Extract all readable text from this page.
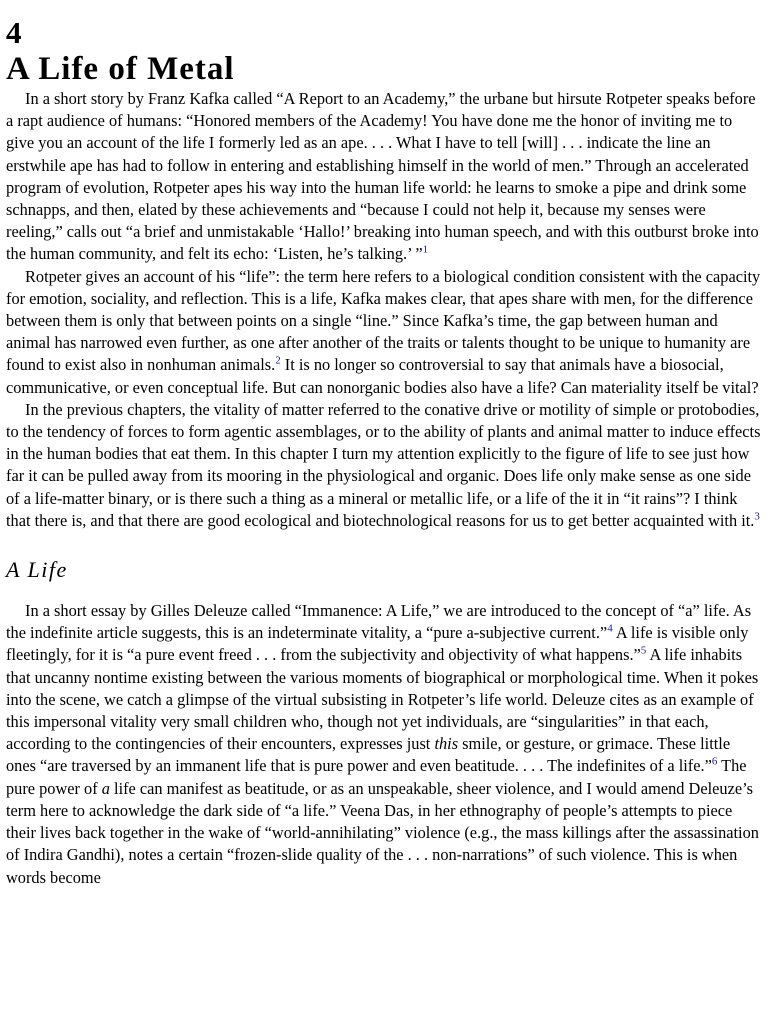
4
A Life of Metal

In a short story by Franz Kafka called “A Report to an Academy,” the urbane but hirsute Rotpeter speaks before a rapt audience of humans: “Honored members of the Academy! You have done me the honor of inviting me to give you an account of the life I formerly led as an ape. . . . What I have to tell [will] . . . indicate the line an erstwhile ape has had to follow in entering and establishing himself in the world of men.” Through an accelerated program of evolution, Rotpeter apes his way into the human life world: he learns to smoke a pipe and drink some schnapps, and then, elated by these achievements and “because I could not help it, because my senses were reeling,” calls out “a brief and unmistakable ‘Hallo!’ breaking into human speech, and with this outburst broke into the human community, and felt its echo: ‘Listen, he’s talking.’ ”$^1$

Rotpeter gives an account of his “life”: the term here refers to a biological condition consistent with the capacity for emotion, sociality, and reflection. This is a life, Kafka makes clear, that apes share with men, for the difference between them is only that between points on a single “line.” Since Kafka’s time, the gap between human and animal has narrowed even further, as one after another of the traits or talents thought to be unique to humanity are found to exist also in nonhuman animals.$^2$ It is no longer so controversial to say that animals have a biosocial, communicative, or even conceptual life. But can nonorganic bodies also have a life? Can materiality itself be vital?

In the previous chapters, the vitality of matter referred to the conative drive or motility of simple or protobodies, to the tendency of forces to form agentic assemblages, or to the ability of plants and animal matter to induce effects in the human bodies that eat them. In this chapter I turn my attention explicitly to the figure of life to see just how far it can be pulled away from its mooring in the physiological and organic. Does life only make sense as one side of a life-matter binary, or is there such a thing as a mineral or metallic life, or a life of the it in “it rains”? I think that there is, and that there are good ecological and biotechnological reasons for us to get better acquainted with it.$^3$

A Life

In a short essay by Gilles Deleuze called “Immanence: A Life,” we are introduced to the concept of “a” life. As the indefinite article suggests, this is an indeterminate vitality, a “pure a-subjective current.”$^4$ A life is visible only fleetingly, for it is “a pure event freed . . . from the subjectivity and objectivity of what happens.”$^5$ A life inhabits that uncanny nontime existing between the various moments of biographical or morphological time. When it pokes into the scene, we catch a glimpse of the virtual subsisting in Rotpeter’s life world. Deleuze cites as an example of this impersonal vitality very small children who, though not yet individuals, are “singularities” in that each, according to the contingencies of their encounters, expresses just this smile, or gesture, or grimace. These little ones “are traversed by an immanent life that is pure power and even beatitude. . . . The indefinites of a life.”$^6$ The pure power of a life can manifest as beatitude, or as an unspeakable, sheer violence, and I would amend Deleuze’s term here to acknowledge the dark side of “a life.” Veena Das, in her ethnography of people’s attempts to piece their lives back together in the wake of “world-annihilating” violence (e.g., the mass killings after the assassination of Indira Gandhi), notes a certain “frozen-slide quality of the . . . non-narrations” of such violence. This is when words become
